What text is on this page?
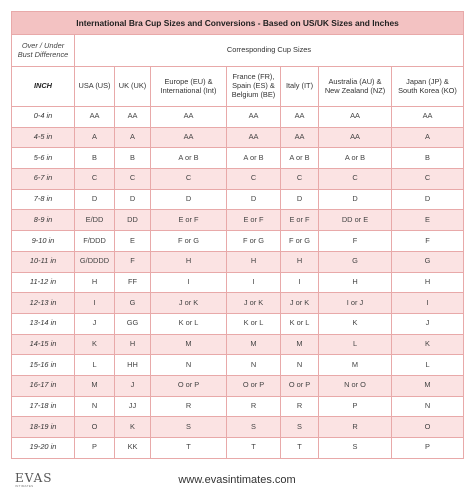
International Bra Cup Sizes and Conversions - Based on US/UK Sizes and Inches							
Over / Under
Bust Difference	Corresponding Cup Sizes						
INCH	USA (US)	UK (UK)	Europe (EU) &
International (Int)	France (FR),
Spain (ES) &
Belgium (BE)	Italy (IT)	Australia (AU) &
New Zealand (NZ)	Japan (JP) &
South Korea (KO)
0-4 in	AA	AA	AA	AA	AA	AA	AA
4-5 in	A	A	AA	AA	AA	AA	A
5-6 in	B	B	A or B	A or B	A or B	A or B	B
6-7 in	C	C	C	C	C	C	C
7-8 in	D	D	D	D	D	D	D
8-9 in	E/DD	DD	E or F	E or F	E or F	DD or E	E
9-10 in	F/DDD	E	F or G	F or G	F or G	F	F
10-11 in	G/DDDD	F	H	H	H	G	G
11-12 in	H	FF	I	I	I	H	H
12-13 in	I	G	J or K	J or K	J or K	I or J	I
13-14 in	J	GG	K or L	K or L	K or L	K	J
14-15 in	K	H	M	M	M	L	K
15-16 in	L	HH	N	N	N	M	L
16-17 in	M	J	O or P	O or P	O or P	N or O	M
17-18 in	N	JJ	R	R	R	P	N
18-19 in	O	K	S	S	S	R	O
19-20 in	P	KK	T	T	T	S	P
EVAS
INTIMATES	www.evasintimates.com
